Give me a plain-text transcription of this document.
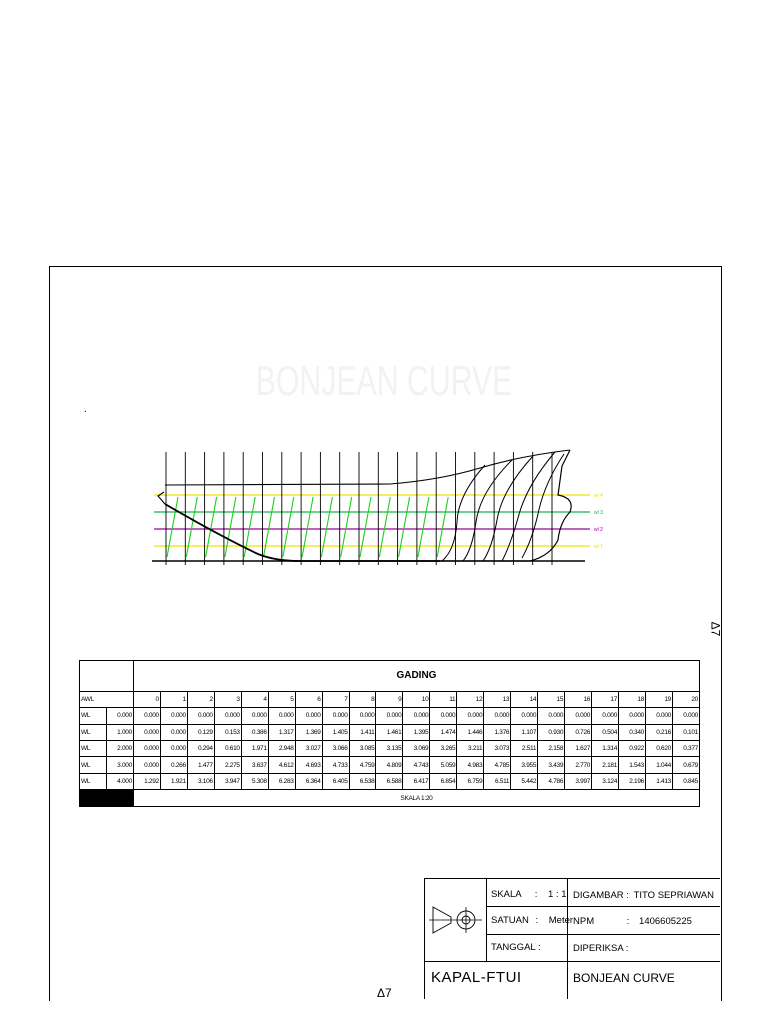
BONJEAN CURVE
.
wl 4
wl 3
wl 2
wl 1
Δ7
		GADING																				
AWL		0	1	2	3	4	5	6	7	8	9	10	11	12	13	14	15	16	17	18	19	20
WL	0.000	0.000	0.000	0.000	0.000	0.000	0.000	0.000	0.000	0.000	0.000	0.000	0.000	0.000	0.000	0.000	0.000	0.000	0.000	0.000	0.000	0.000
WL	1.000	0.000	0.000	0.129	0.153	0.386	1.317	1.369	1.405	1.411	1.461	1.395	1.474	1.446	1.376	1.107	0.930	0.726	0.504	0.340	0.216	0.101
WL	2.000	0.000	0.000	0.294	0.610	1.971	2.948	3.027	3.066	3.085	3.135	3.069	3.265	3.211	3.073	2.511	2.158	1.627	1.314	0.922	0.620	0.377
WL	3.000	0.000	0.266	1.477	2.275	3.637	4.612	4.693	4.733	4.759	4.809	4.743	5.059	4.983	4.785	3.955	3.439	2.770	2.181	1.543	1.044	0.679
WL	4.000	1.292	1.921	3.106	3.947	5.308	6.283	6.364	6.405	6.538	6.588	6.417	6.854	6.759	6.511	5.442	4.786	3.997	3.124	2.196	1.413	0.845
		SKALA 1:20																				
SKALA : 1 : 1
SATUAN : Meter
TANGGAL :
DIGAMBAR : TITO SEPRIAWAN
NPM	: 1406605225
DIPERIKSA :
KAPAL-FTUI	BONJEAN CURVE
Δ7
